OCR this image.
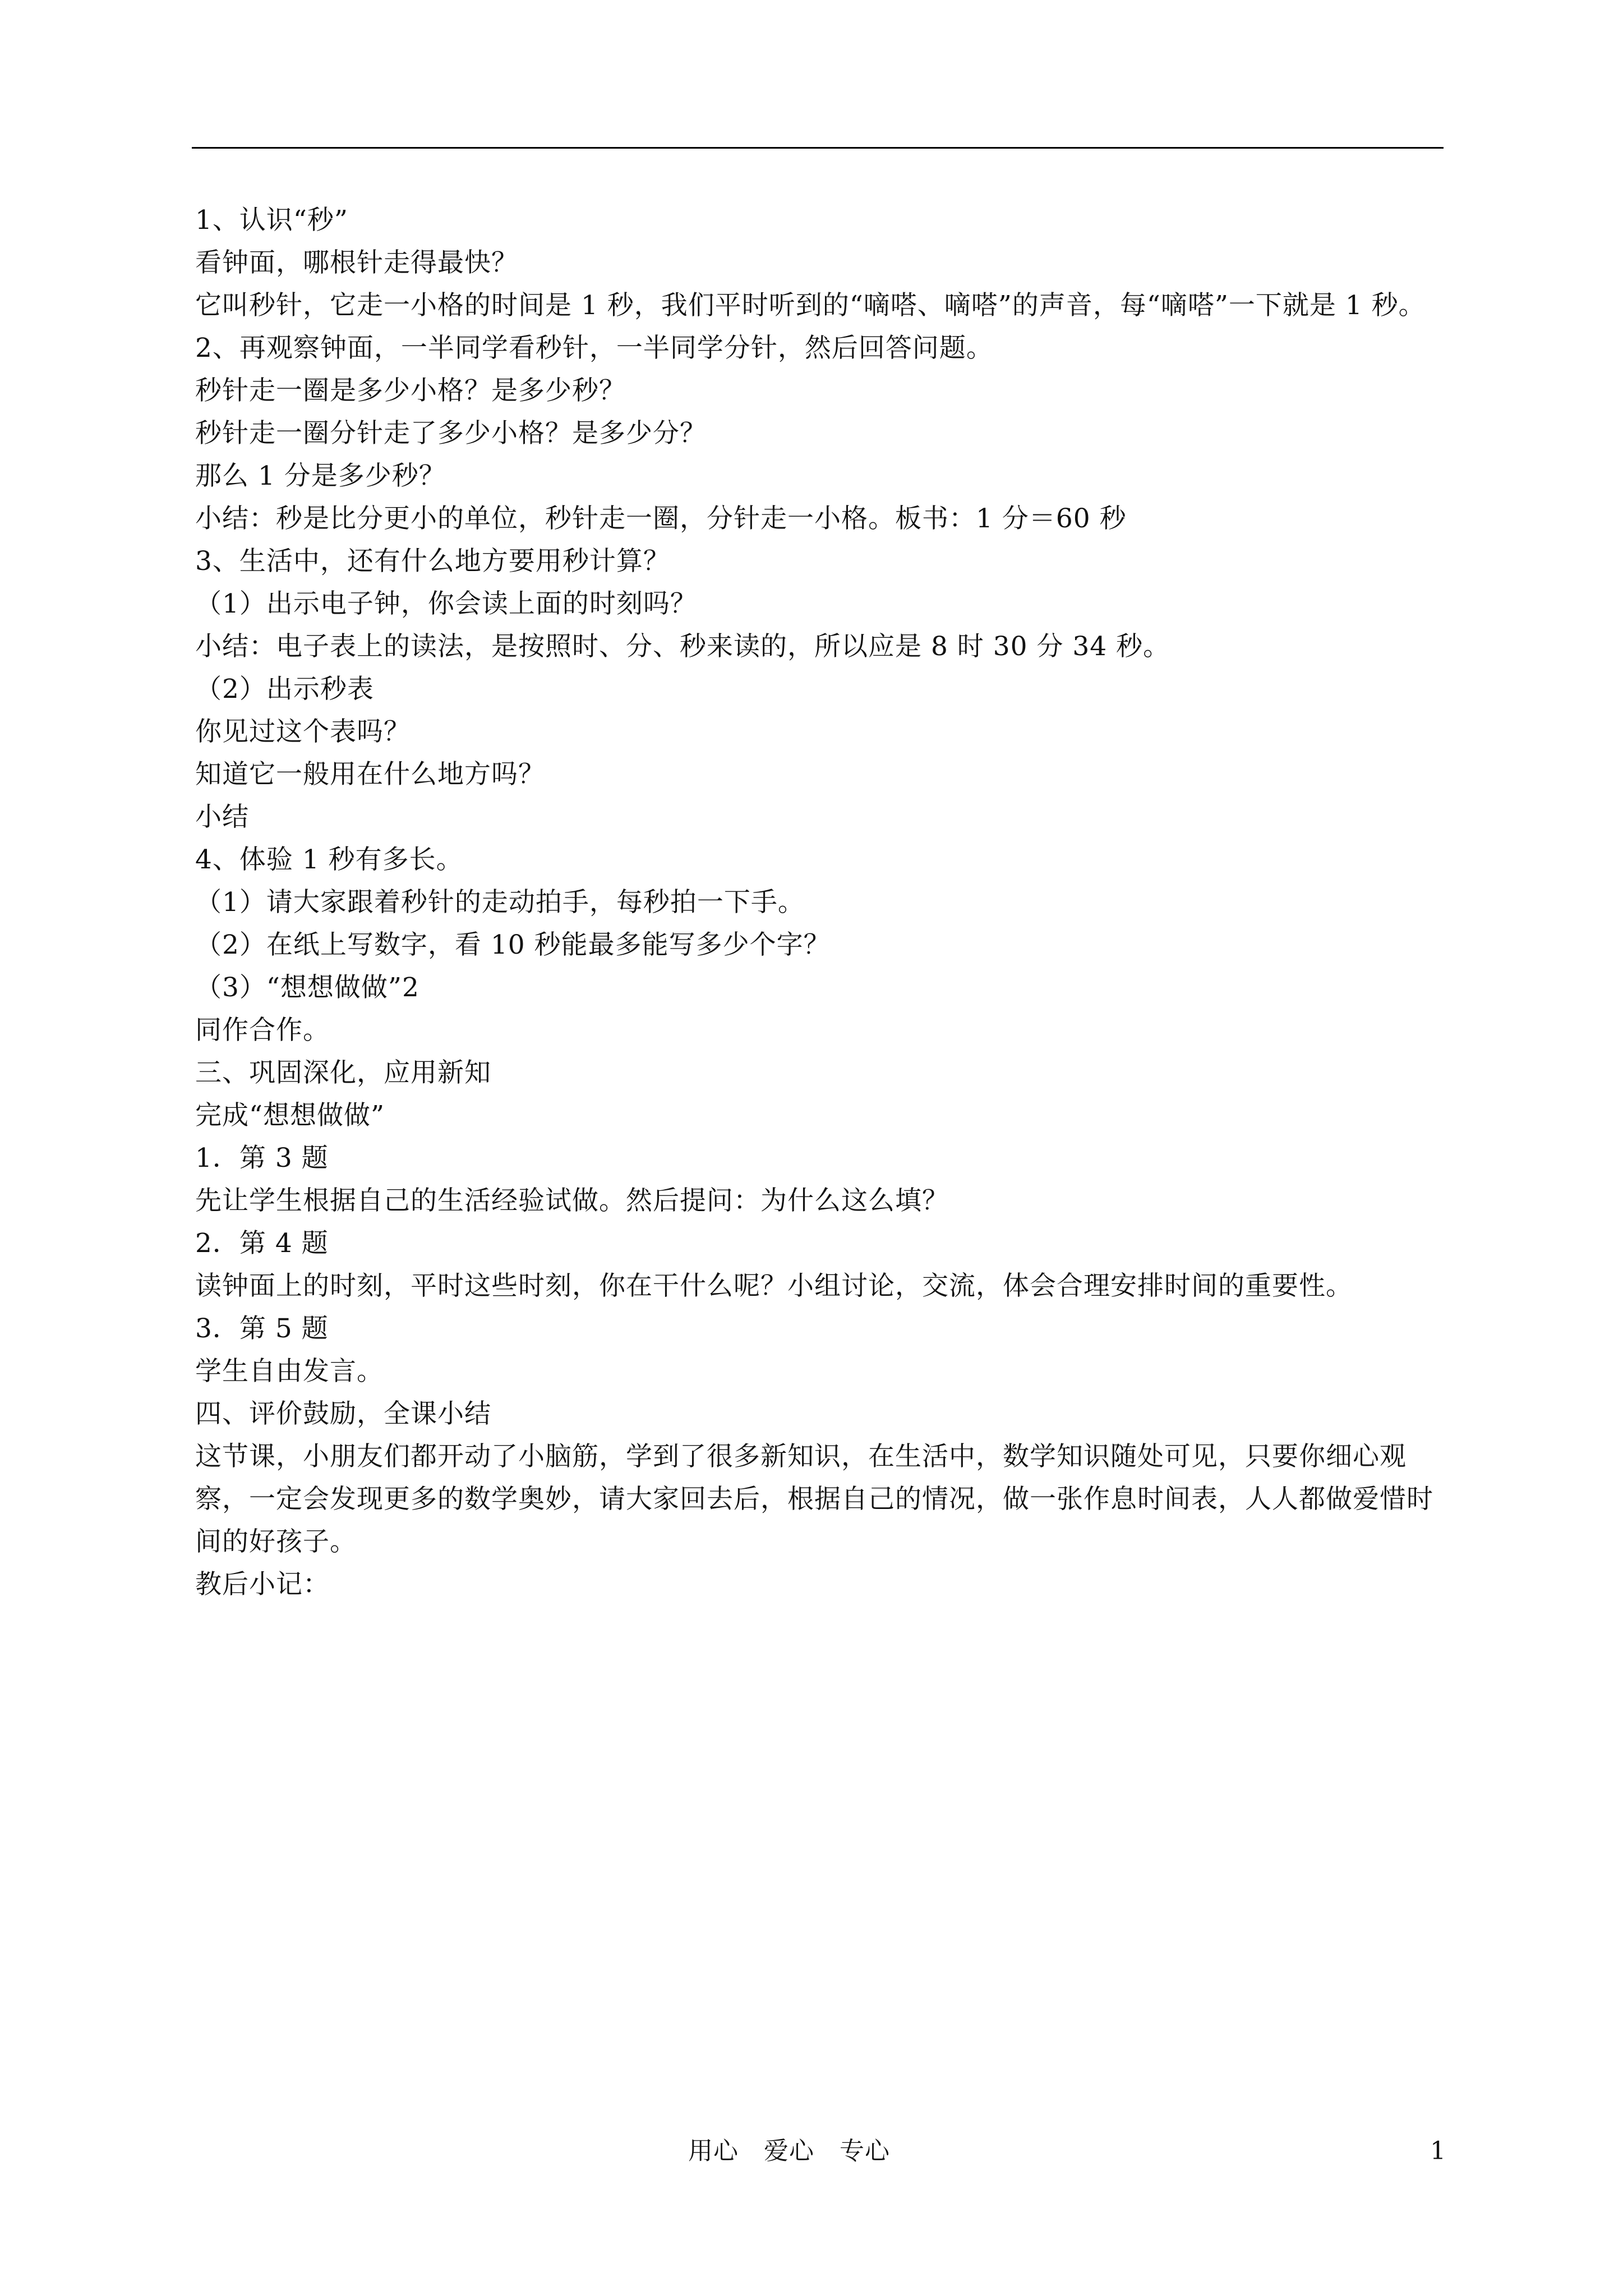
1、认识“秒”

看钟面，哪根针走得最快？

它叫秒针，它走一小格的时间是 1 秒，我们平时听到的“嘀嗒、嘀嗒”的声音，每“嘀嗒”一下就是 1 秒。

2、再观察钟面，一半同学看秒针，一半同学分针，然后回答问题。

秒针走一圈是多少小格？是多少秒？

秒针走一圈分针走了多少小格？是多少分？

那么 1 分是多少秒？

小结：秒是比分更小的单位，秒针走一圈，分针走一小格。板书：1 分＝60 秒

3、生活中，还有什么地方要用秒计算？

（1）出示电子钟，你会读上面的时刻吗？

小结：电子表上的读法，是按照时、分、秒来读的，所以应是 8 时 30 分 34 秒。

（2）出示秒表

你见过这个表吗？

知道它一般用在什么地方吗？

小结

4、体验 1 秒有多长。

（1）请大家跟着秒针的走动拍手，每秒拍一下手。

（2）在纸上写数字，看 10 秒能最多能写多少个字？

（3）“想想做做”2

同作合作。

三、巩固深化，应用新知

完成“想想做做”

1．第 3 题

先让学生根据自己的生活经验试做。然后提问：为什么这么填？

2．第 4 题

读钟面上的时刻，平时这些时刻，你在干什么呢？小组讨论，交流，体会合理安排时间的重要性。

3．第 5 题

学生自由发言。

四、评价鼓励，全课小结

这节课，小朋友们都开动了小脑筋，学到了很多新知识，在生活中，数学知识随处可见，只要你细心观察，一定会发现更多的数学奥妙，请大家回去后，根据自己的情况，做一张作息时间表，人人都做爱惜时间的好孩子。

教后小记：

用心　爱心　专心	1
